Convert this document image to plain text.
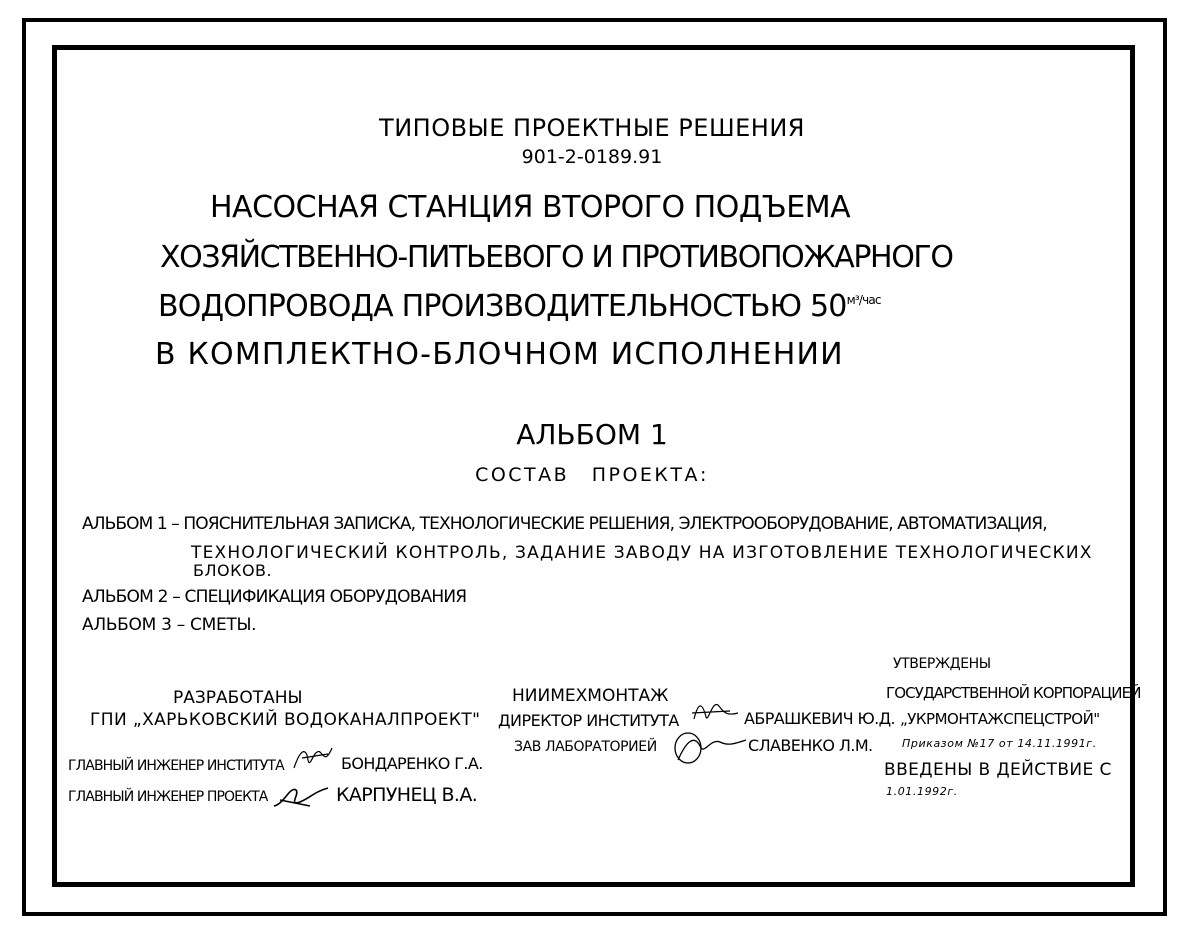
ТИПОВЫЕ ПРОЕКТНЫЕ РЕШЕНИЯ
901-2-0189.91
НАСОСНАЯ СТАНЦИЯ ВТОРОГО ПОДЪЕМА
ХОЗЯЙСТВЕННО-ПИТЬЕВОГО И ПРОТИВОПОЖАРНОГО
ВОДОПРОВОДА ПРОИЗВОДИТЕЛЬНОСТЬЮ $50^{м^3/час}$
В КОМПЛЕКТНО-БЛОЧНОМ ИСПОЛНЕНИИ
АЛЬБОМ 1
СОСТАВ ПРОЕКТА:
АЛЬБОМ 1 – ПОЯСНИТЕЛЬНАЯ ЗАПИСКА, ТЕХНОЛОГИЧЕСКИЕ РЕШЕНИЯ, ЭЛЕКТРООБОРУДОВАНИЕ, АВТОМАТИЗАЦИЯ,
ТЕХНОЛОГИЧЕСКИЙ КОНТРОЛЬ, ЗАДАНИЕ ЗАВОДУ НА ИЗГОТОВЛЕНИЕ ТЕХНОЛОГИЧЕСКИХ
БЛОКОВ.
АЛЬБОМ 2 – СПЕЦИФИКАЦИЯ ОБОРУДОВАНИЯ
АЛЬБОМ 3 – СМЕТЫ.
РАЗРАБОТАНЫ
ГПИ „ХАРЬКОВСКИЙ ВОДОКАНАЛПРОЕКТ"
ГЛАВНЫЙ ИНЖЕНЕР ИНСТИТУТА	БОНДАРЕНКО Г.А.
ГЛАВНЫЙ ИНЖЕНЕР ПРОЕКТА	КАРПУНЕЦ В.А.
НИИМЕХМОНТАЖ
ДИРЕКТОР ИНСТИТУТА	АБРАШКЕВИЧ Ю.Д.
ЗАВ ЛАБОРАТОРИЕЙ	СЛАВЕНКО Л.М.
УТВЕРЖДЕНЫ
ГОСУДАРСТВЕННОЙ КОРПОРАЦИЕЙ
„УКРМОНТАЖСПЕЦСТРОЙ"
Приказом №17 от 14.11.1991г.
ВВЕДЕНЫ В ДЕЙСТВИЕ С
1.01.1992г.
